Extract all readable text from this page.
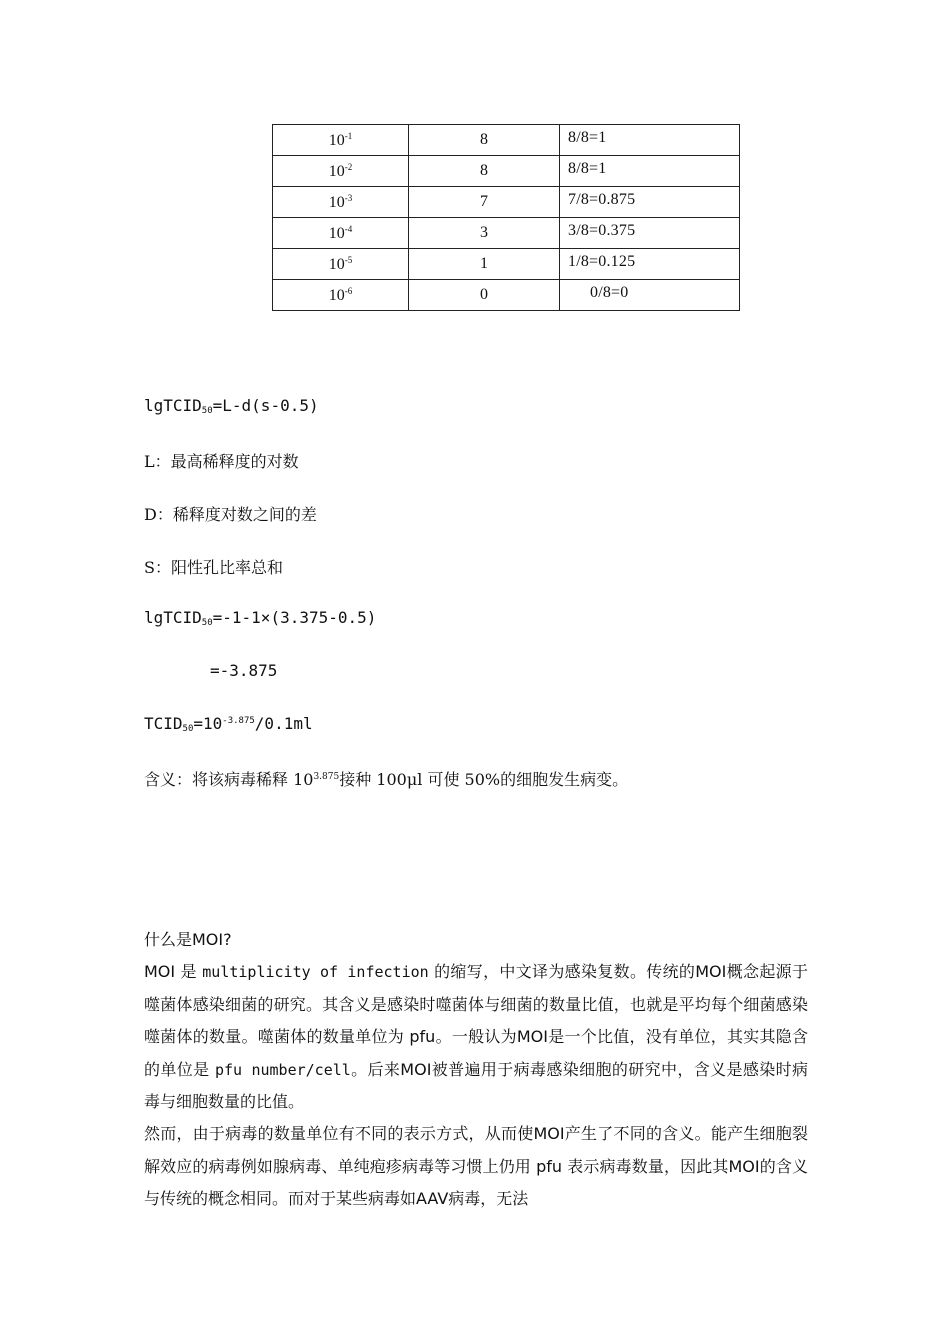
$10^{-1}$	8	8/8=1
$10^{-2}$	8	8/8=1
$10^{-3}$	7	7/8=0.875
$10^{-4}$	3	3/8=0.375
$10^{-5}$	1	1/8=0.125
$10^{-6}$	0	0/8=0
lgTCID$_{50}$=L-d(s-0.5)
L：最高稀释度的对数
D：稀释度对数之间的差
S：阳性孔比率总和
lgTCID$_{50}$=-1-1×(3.375-0.5)
=-3.875
$TCID_{50}=10^{-3.875}/0.1ml$
含义：将该病毒稀释 $10^{3.875}$接种 100μl 可使 50%的细胞发生病变。

什么是MOI?

MOI 是 multiplicity of infection 的缩写，中文译为感染复数。传统的MOI概念起源于噬菌体感染细菌的研究。其含义是感染时噬菌体与细菌的数量比值，也就是平均每个细菌感染噬菌体的数量。噬菌体的数量单位为 pfu。一般认为MOI是一个比值，没有单位，其实其隐含的单位是 pfu number/cell。后来MOI被普遍用于病毒感染细胞的研究中，含义是感染时病毒与细胞数量的比值。

然而，由于病毒的数量单位有不同的表示方式，从而使MOI产生了不同的含义。能产生细胞裂解效应的病毒例如腺病毒、单纯疱疹病毒等习惯上仍用 pfu 表示病毒数量，因此其MOI的含义与传统的概念相同。而对于某些病毒如AAV病毒，无法
